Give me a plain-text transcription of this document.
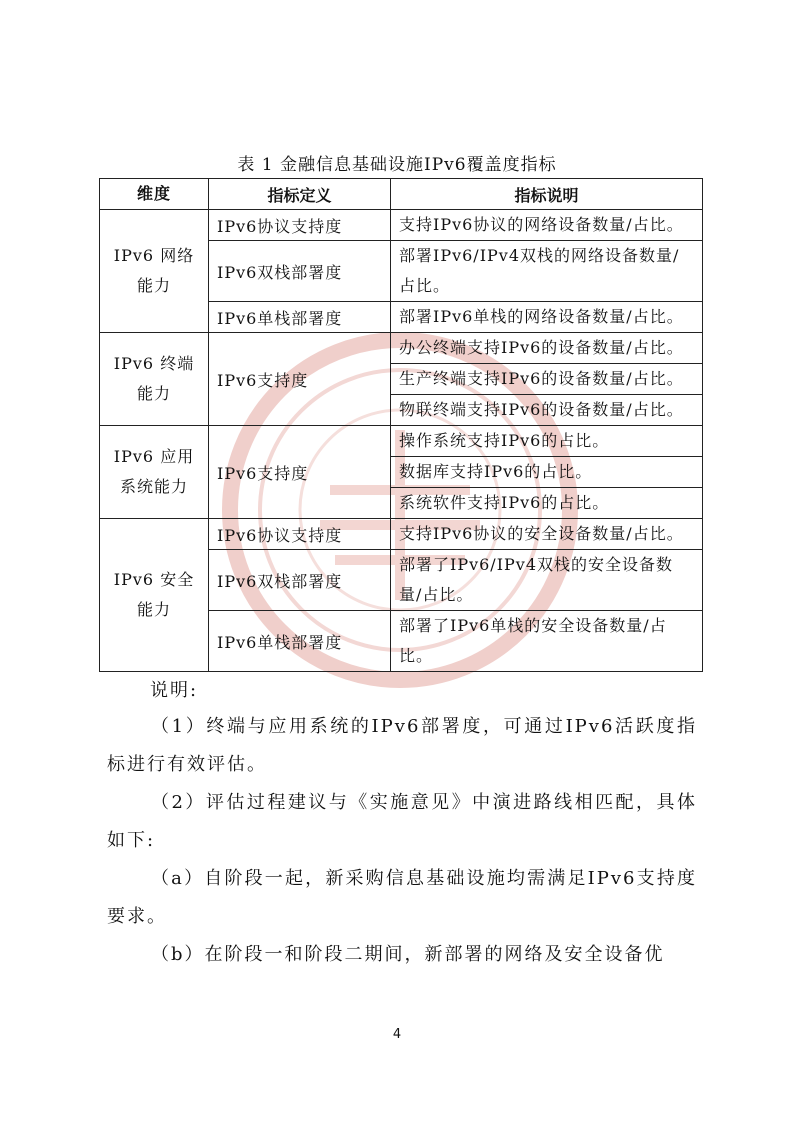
表 1 金融信息基础设施IPv6覆盖度指标
维度	指标定义	指标说明
IPv6 网络
能力	IPv6协议支持度	支持IPv6协议的网络设备数量/占比。
	IPv6双栈部署度	部署IPv6/IPv4双栈的网络设备数量/占比。
	IPv6单栈部署度	部署IPv6单栈的网络设备数量/占比。
IPv6 终端
能力	IPv6支持度	办公终端支持IPv6的设备数量/占比。
		生产终端支持IPv6的设备数量/占比。
		物联终端支持IPv6的设备数量/占比。
IPv6 应用
系统能力	IPv6支持度	操作系统支持IPv6的占比。
		数据库支持IPv6的占比。
		系统软件支持IPv6的占比。
IPv6 安全
能力	IPv6协议支持度	支持IPv6协议的安全设备数量/占比。
	IPv6双栈部署度	部署了IPv6/IPv4双栈的安全设备数量/占比。
	IPv6单栈部署度	部署了IPv6单栈的安全设备数量/占比。

说明:

（1）终端与应用系统的IPv6部署度，可通过IPv6活跃度指标进行有效评估。

（2）评估过程建议与《实施意见》中演进路线相匹配，具体如下:

（a）自阶段一起，新采购信息基础设施均需满足IPv6支持度要求。

（b）在阶段一和阶段二期间，新部署的网络及安全设备优

4
